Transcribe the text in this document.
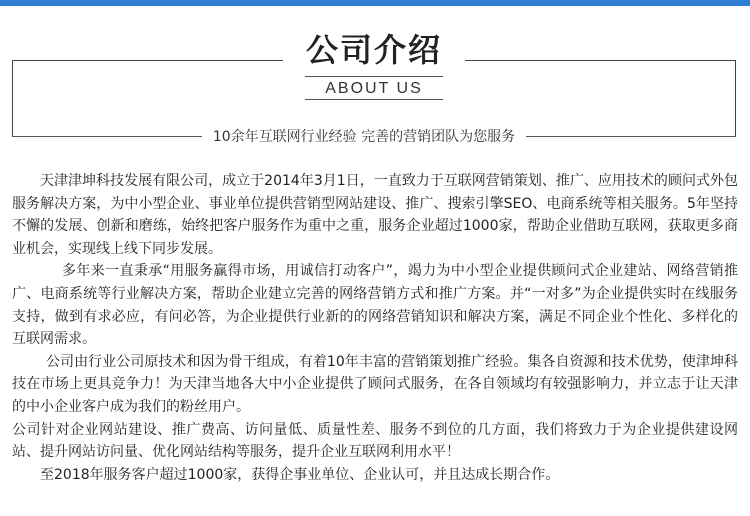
公司介绍
ABOUT US
10余年互联网行业经验 完善的营销团队为您服务

天津津坤科技发展有限公司，成立于2014年3月1日，一直致力于互联网营销策划、推广、应用技术的顾问式外包服务解决方案，为中小型企业、事业单位提供营销型网站建设、推广、搜索引擎SEO、电商系统等相关服务。5年坚持不懈的发展、创新和磨练，始终把客户服务作为重中之重，服务企业超过1000家，帮助企业借助互联网，获取更多商业机会，实现线上线下同步发展。

多年来一直秉承“用服务赢得市场，用诚信打动客户”，竭力为中小型企业提供顾问式企业建站、网络营销推广、电商系统等行业解决方案，帮助企业建立完善的网络营销方式和推广方案。并“一对多”为企业提供实时在线服务支持，做到有求必应，有问必答，为企业提供行业新的的网络营销知识和解决方案，满足不同企业个性化、多样化的互联网需求。

公司由行业公司原技术和因为骨干组成，有着10年丰富的营销策划推广经验。集各自资源和技术优势，使津坤科技在市场上更具竞争力！为天津当地各大中小企业提供了顾问式服务，在各自领域均有较强影响力，并立志于让天津的中小企业客户成为我们的粉丝用户。

公司针对企业网站建设、推广费高、访问量低、质量性差、服务不到位的几方面，我们将致力于为企业提供建设网站、提升网站访问量、优化网站结构等服务，提升企业互联网利用水平！

至2018年服务客户超过1000家，获得企事业单位、企业认可，并且达成长期合作。
